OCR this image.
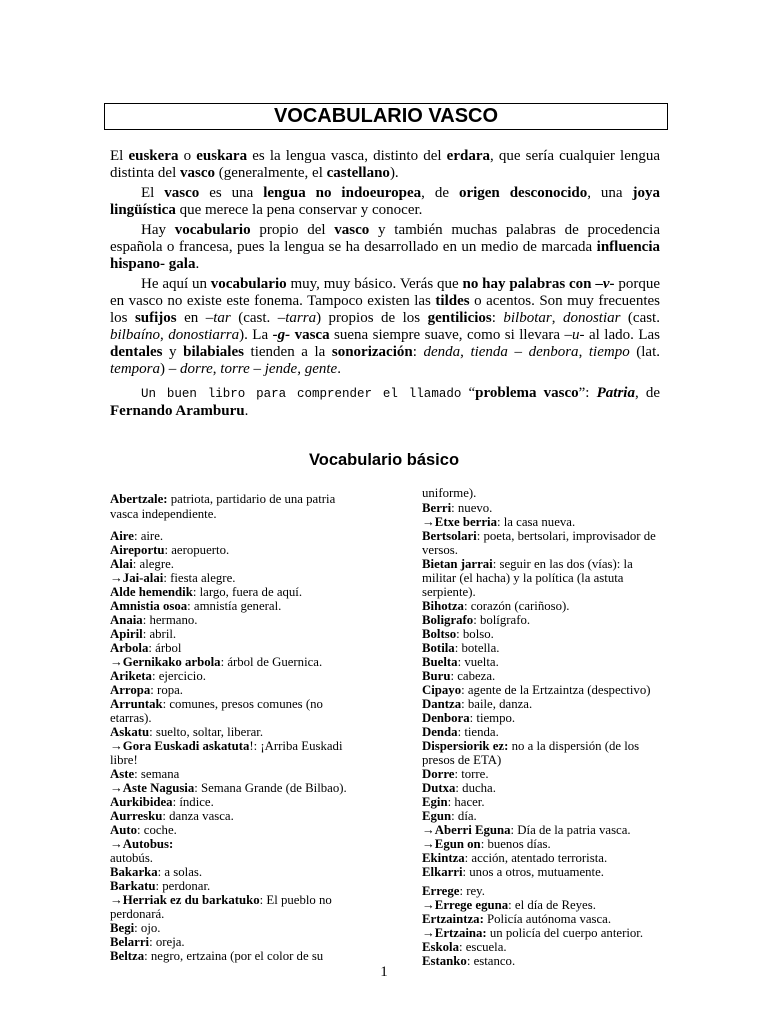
VOCABULARIO VASCO

El euskera o euskara es la lengua vasca, distinto del erdara, que sería cualquier lengua distinta del vasco (generalmente, el castellano).

El vasco es una lengua no indoeuropea, de origen desconocido, una joya lingüística que merece la pena conservar y conocer.

Hay vocabulario propio del vasco y también muchas palabras de procedencia española o francesa, pues la lengua se ha desarrollado en un medio de marcada influencia hispano- gala.

He aquí un vocabulario muy, muy básico. Verás que no hay palabras con –v- porque en vasco no existe este fonema. Tampoco existen las tildes o acentos. Son muy frecuentes los sufijos en –tar (cast. –tarra) propios de los gentilicios: bilbotar, donostiar (cast. bilbaíno, donostiarra). La -g- vasca suena siempre suave, como si llevara –u- al lado. Las dentales y bilabiales tienden a la sonorización: denda, tienda – denbora, tiempo (lat. tempora) – dorre, torre – jende, gente.

Un buen libro para comprender el llamado “problema vasco”: Patria, de Fernando Aramburu.

Vocabulario básico
Abertzale: patriota, partidario de una patria vasca independiente.
Aire: aire.
Aireportu: aeropuerto.
Alai: alegre.
→Jai-alai: fiesta alegre.
Alde hemendik: largo, fuera de aquí.
Amnistia osoa: amnistía general.
Anaia: hermano.
Apiril: abril.
Arbola: árbol
→Gernikako arbola: árbol de Guernica.
Ariketa: ejercicio.
Arropa: ropa.
Arruntak: comunes, presos comunes (no etarras).
Askatu: suelto, soltar, liberar.
→Gora Euskadi askatuta!: ¡Arriba Euskadi libre!
Aste: semana
→Aste Nagusia: Semana Grande (de Bilbao).
Aurkibidea: índice.
Aurresku: danza vasca.
Auto: coche.
→Autobus:
autobús.
Bakarka: a solas.
Barkatu: perdonar.
→Herriak ez du barkatuko: El pueblo no perdonará.
Begi: ojo.
Belarri: oreja.
Beltza: negro, ertzaina (por el color de su
uniforme).
Berri: nuevo.
→Etxe berria: la casa nueva.
Bertsolari: poeta, bertsolari, improvisador de versos.
Bietan jarrai: seguir en las dos (vías): la militar (el hacha) y la política (la astuta serpiente).
Bihotza: corazón (cariñoso).
Boligrafo: bolígrafo.
Boltso: bolso.
Botila: botella.
Buelta: vuelta.
Buru: cabeza.
Cipayo: agente de la Ertzaintza (despectivo)
Dantza: baile, danza.
Denbora: tiempo.
Denda: tienda.
Dispersiorik ez: no a la dispersión (de los presos de ETA)
Dorre: torre.
Dutxa: ducha.
Egin: hacer.
Egun: día.
→Aberri Eguna: Día de la patria vasca.
→Egun on: buenos días.
Ekintza: acción, atentado terrorista.
Elkarri: unos a otros, mutuamente.
Errege: rey.
→Errege eguna: el día de Reyes.
Ertzaintza: Policía autónoma vasca.
→Ertzaina: un policía del cuerpo anterior.
Eskola: escuela.
Estanko: estanco.
1
